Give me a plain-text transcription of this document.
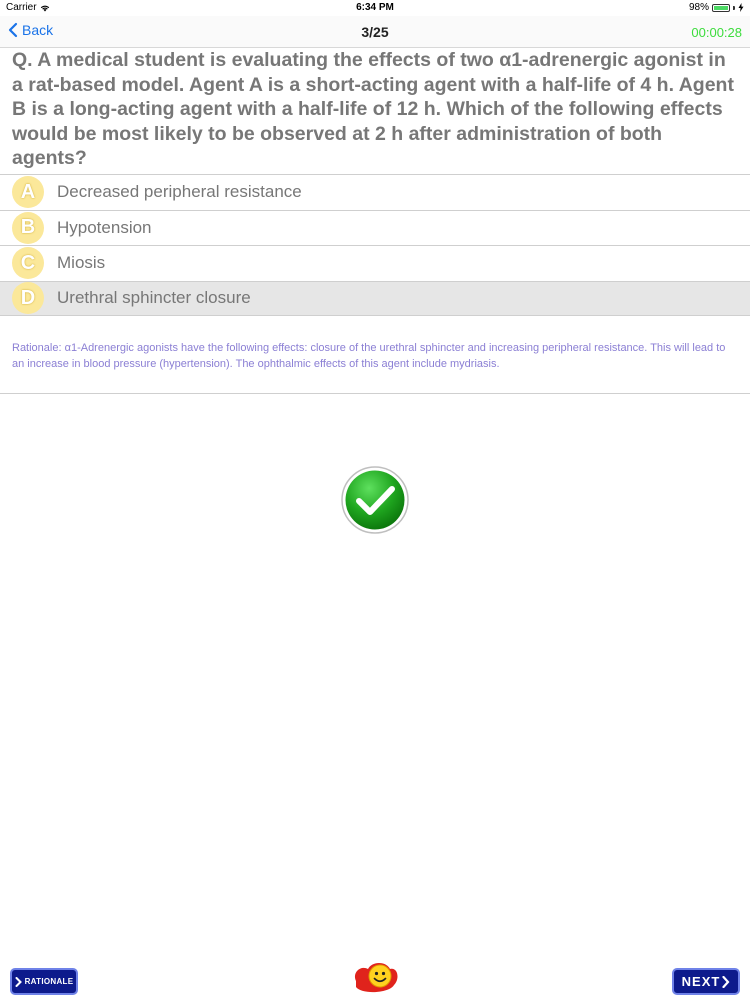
Carrier	6:34 PM	98%
Back	3/25	00:00:28
Q. A medical student is evaluating the effects of two α1-adrenergic agonist in a rat-based model. Agent A is a short-acting agent with a half-life of 4 h. Agent B is a long-acting agent with a half-life of 12 h. Which of the following effects would be most likely to be observed at 2 h after administration of both agents?
A	Decreased peripheral resistance
B	Hypotension
C	Miosis
D	Urethral sphincter closure
Rationale: α1-Adrenergic agonists have the following effects: closure of the urethral sphincter and increasing peripheral resistance. This will lead to an increase in blood pressure (hypertension). The ophthalmic effects of this agent include mydriasis.
RATIONALE	NEXT
